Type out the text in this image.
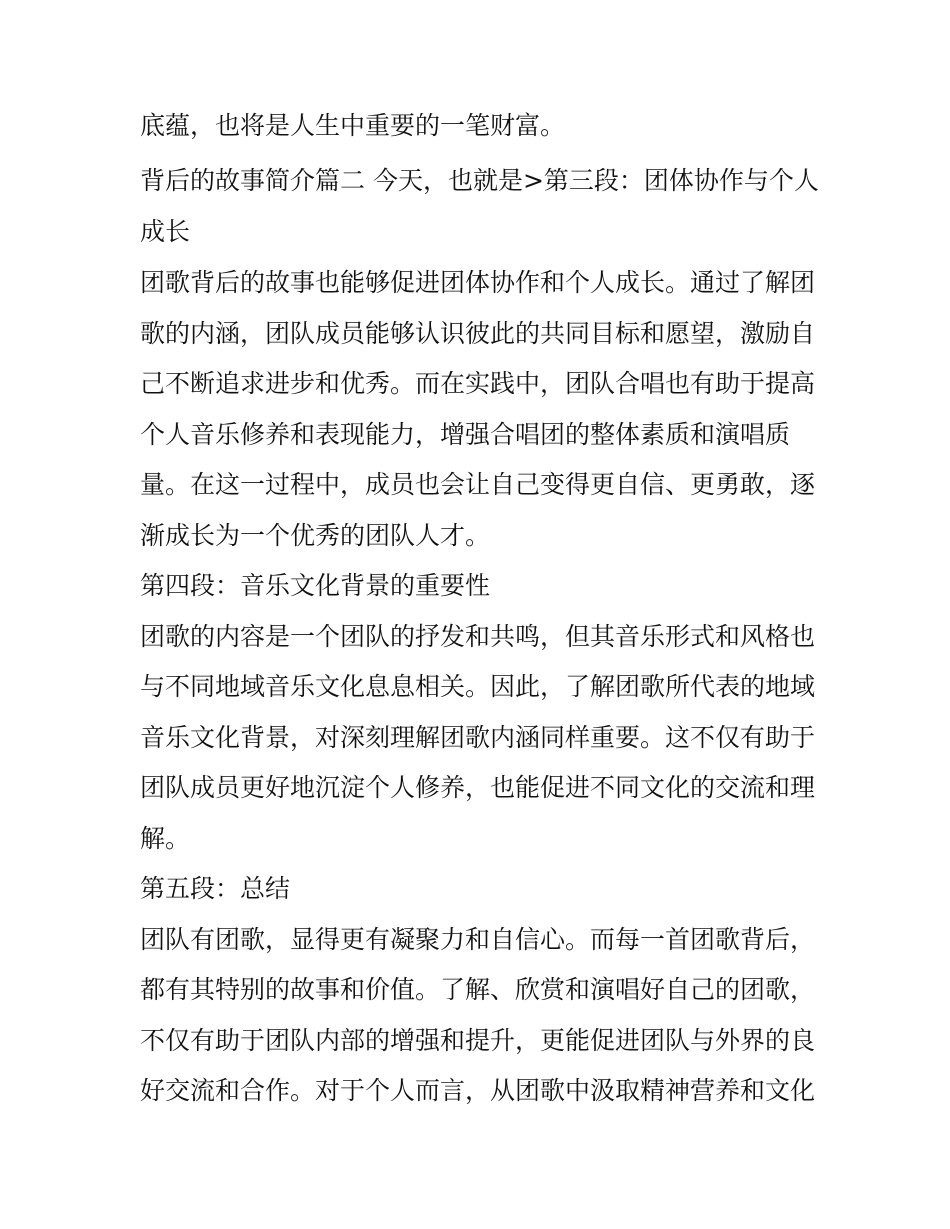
底蕴，也将是人生中重要的一笔财富。
背后的故事简介篇二 今天，也就是>第三段：团体协作与个人
成长
团歌背后的故事也能够促进团体协作和个人成长。通过了解团
歌的内涵，团队成员能够认识彼此的共同目标和愿望，激励自
己不断追求进步和优秀。而在实践中，团队合唱也有助于提高
个人音乐修养和表现能力，增强合唱团的整体素质和演唱质
量。在这一过程中，成员也会让自己变得更自信、更勇敢，逐
渐成长为一个优秀的团队人才。
第四段：音乐文化背景的重要性
团歌的内容是一个团队的抒发和共鸣，但其音乐形式和风格也
与不同地域音乐文化息息相关。因此，了解团歌所代表的地域
音乐文化背景，对深刻理解团歌内涵同样重要。这不仅有助于
团队成员更好地沉淀个人修养，也能促进不同文化的交流和理
解。
第五段：总结
团队有团歌，显得更有凝聚力和自信心。而每一首团歌背后，
都有其特别的故事和价值。了解、欣赏和演唱好自己的团歌，
不仅有助于团队内部的增强和提升，更能促进团队与外界的良
好交流和合作。对于个人而言，从团歌中汲取精神营养和文化
